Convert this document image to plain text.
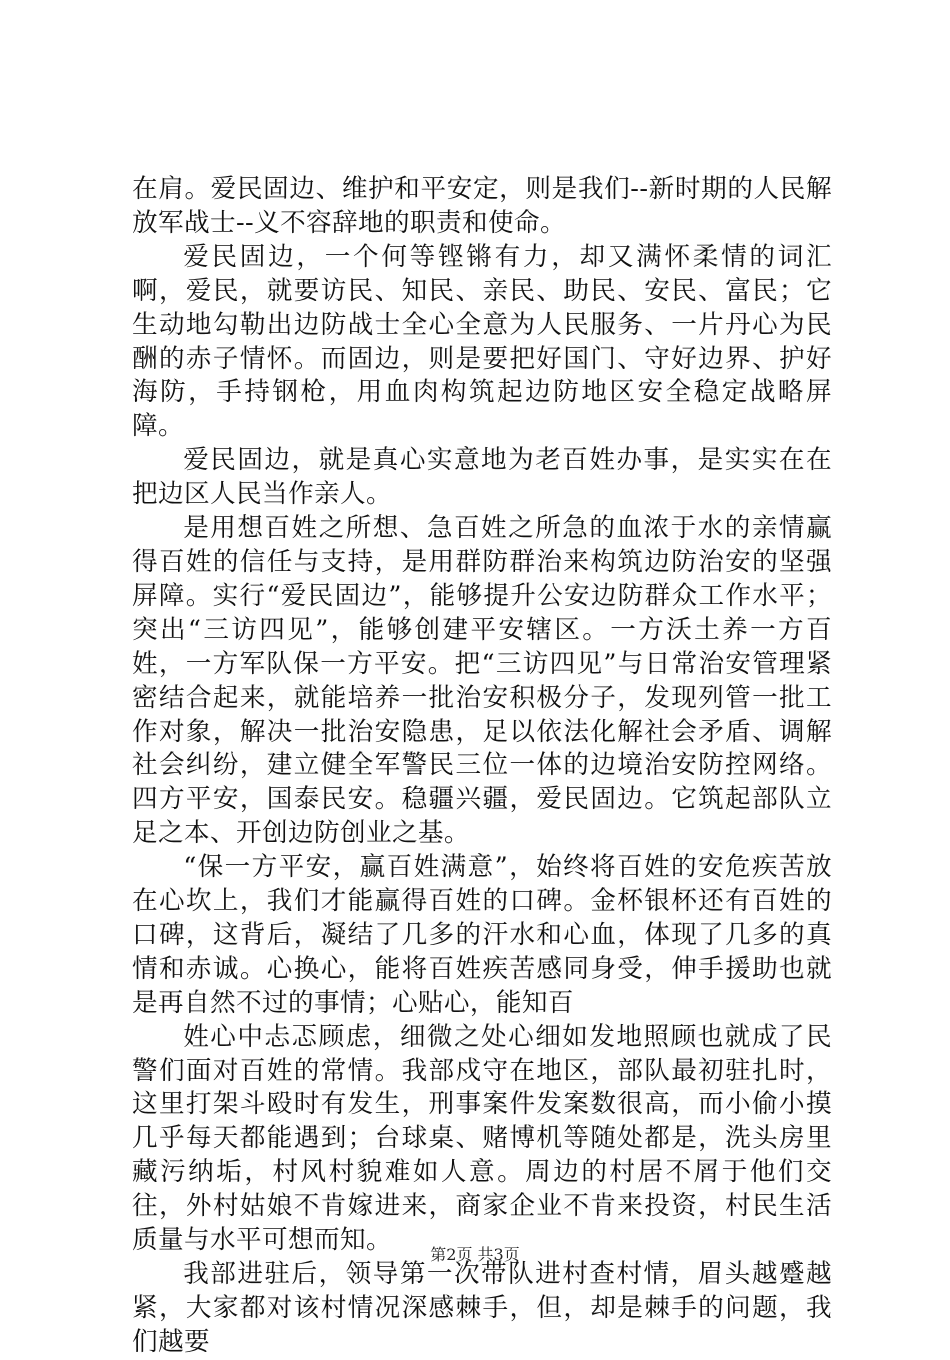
在肩。爱民固边、维护和平安定，则是我们--新时期的人民解放军战士--义不容辞地的职责和使命。

爱民固边，一个何等铿锵有力，却又满怀柔情的词汇啊，爱民，就要访民、知民、亲民、助民、安民、富民；它生动地勾勒出边防战士全心全意为人民服务、一片丹心为民酬的赤子情怀。而固边，则是要把好国门、守好边界、护好海防，手持钢枪，用血肉构筑起边防地区安全稳定战略屏障。

爱民固边，就是真心实意地为老百姓办事，是实实在在把边区人民当作亲人。

是用想百姓之所想、急百姓之所急的血浓于水的亲情赢得百姓的信任与支持，是用群防群治来构筑边防治安的坚强屏障。实行“爱民固边”，能够提升公安边防群众工作水平；突出“三访四见”，能够创建平安辖区。一方沃土养一方百姓，一方军队保一方平安。把“三访四见”与日常治安管理紧密结合起来，就能培养一批治安积极分子，发现列管一批工作对象，解决一批治安隐患，足以依法化解社会矛盾、调解社会纠纷，建立健全军警民三位一体的边境治安防控网络。四方平安，国泰民安。稳疆兴疆，爱民固边。它筑起部队立足之本、开创边防创业之基。

“保一方平安，赢百姓满意”，始终将百姓的安危疾苦放在心坎上，我们才能赢得百姓的口碑。金杯银杯还有百姓的口碑，这背后，凝结了几多的汗水和心血，体现了几多的真情和赤诚。心换心，能将百姓疾苦感同身受，伸手援助也就是再自然不过的事情；心贴心，能知百

姓心中忐忑顾虑，细微之处心细如发地照顾也就成了民警们面对百姓的常情。我部戍守在地区，部队最初驻扎时，这里打架斗殴时有发生，刑事案件发案数很高，而小偷小摸几乎每天都能遇到；台球桌、赌博机等随处都是，洗头房里藏污纳垢，村风村貌难如人意。周边的村居不屑于他们交往，外村姑娘不肯嫁进来，商家企业不肯来投资，村民生活质量与水平可想而知。

我部进驻后，领导第一次带队进村查村情，眉头越蹙越紧，大家都对该村情况深感棘手，但，却是棘手的问题，我们越要

第2页 共3页
